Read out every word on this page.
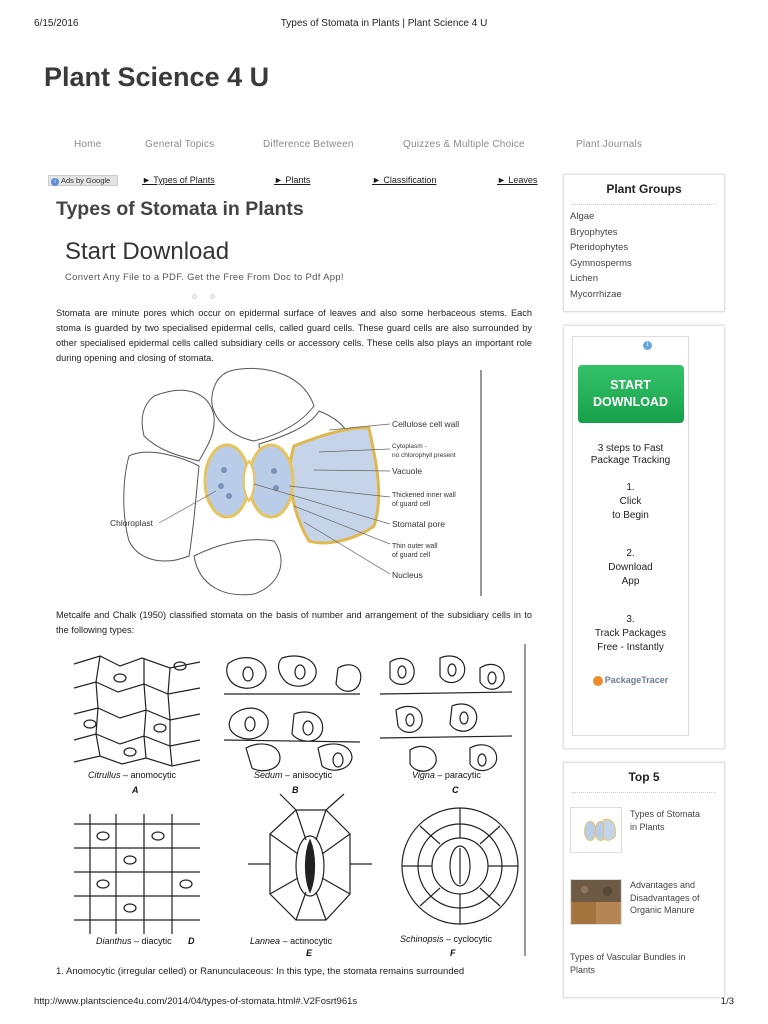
6/15/2016	Types of Stomata in Plants | Plant Science 4 U
Plant Science 4 U
Home	General Topics	Difference Between	Quizzes & Multiple Choice	Plant Journals
i Ads by Google	► Types of Plants	► Plants	► Classification	► Leaves
Types of Stomata in Plants
Start Download
Convert Any File to a PDF. Get the Free From Doc to Pdf App!
○ ○

Stomata are minute pores which occur on epidermal surface of leaves and also some herbaceous stems. Each stoma is guarded by two specialised epidermal cells, called guard cells. These guard cells are also surrounded by other specialised epidermal cells called subsidiary cells or accessory cells. These cells also plays an important role during opening and closing of stomata.

Cellulose cell wall
Cytoplasm -
no chlorophyll present
Vacuole
Thickened inner wall
of guard cell
Stomatal pore
Thin outer wall
of guard cell
Nucleus
Chloroplast

Metcalfe and Chalk (1950) classified stomata on the basis of number and arrangement of the subsidiary cells in to the following types:

Citrullus – anomocytic
A
Sedum – anisocytic
B
Vigna – paracytic
C
Dianthus – diacytic D	Lannea – actinocytic
E
Schinopsis – cyclocytic
F

1. Anomocytic (irregular celled) or Ranunculaceous: In this type, the stomata remains surrounded

Plant Groups
Algae
Bryophytes
Pteridophytes
Gymnosperms
Lichen
Mycorrhizae
i
START
DOWNLOAD
3 steps to Fast
Package Tracking
1.
Click
to Begin
2.
Download
App
3.
Track Packages
Free - Instantly
PackageTracer
Top 5
Types of Stomata
in Plants
Advantages and
Disadvantages of
Organic Manure
Types of Vascular Bundles in
Plants
http://www.plantscience4u.com/2014/04/types-of-stomata.html#.V2Fosrt961s	1/3
